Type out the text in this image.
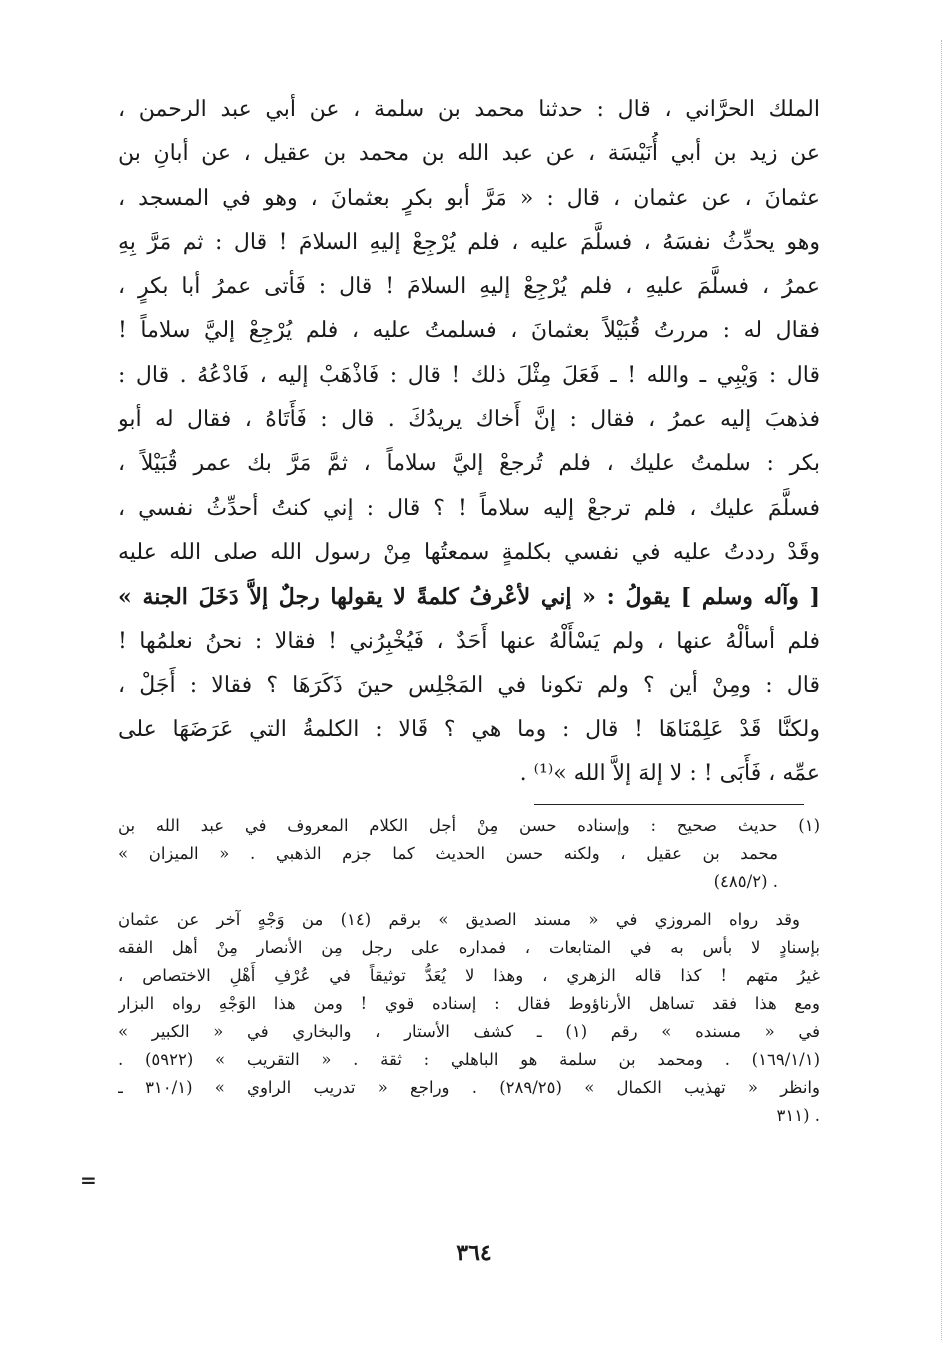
الملك الحرَّاني ، قال : حدثنا محمد بن سلمة ، عن أبي عبد الرحمن ،
عن زيد بن أبي أُنَيْسَة ، عن عبد الله بن محمد بن عقيل ، عن أبانِ بن
عثمانَ ، عن عثمان ، قال : « مَرَّ أبو بكرٍ بعثمانَ ، وهو في المسجد ،
وهو يحدِّثُ نفسَهُ ، فسلَّمَ عليه ، فلم يُرْجِعْ إليهِ السلامَ ! قال : ثم مَرَّ بِهِ
عمرُ ، فسلَّمَ عليهِ ، فلم يُرْجِعْ إليهِ السلامَ ! قال : فَأتى عمرُ أبا بكرٍ ،
فقال له : مررتُ قُبَيْلاً بعثمانَ ، فسلمتُ عليه ، فلم يُرْجِعْ إليَّ سلاماً !
قال : وَيْبِي ـ والله ! ـ فَعَلَ مِثْلَ ذلك ! قال : فَاذْهَبْ إليه ، فَادْعُهُ . قال :
فذهبَ إليه عمرُ ، فقال : إنَّ أَخاك يريدُكَ . قال : فَأَتَاهُ ، فقال له أبو
بكر : سلمتُ عليك ، فلم تُرجعْ إليَّ سلاماً ، ثمَّ مَرَّ بك عمر قُبَيْلاً ،
فسلَّمَ عليك ، فلم ترجعْ إليه سلاماً ! ؟ قال : إني كنتُ أحدِّثُ نفسي ،
وقَدْ رددتُ عليه في نفسي بكلمةٍ سمعتُها مِنْ رسول الله صلى الله عليه
[ وآله وسلم ] يقولُ : « إني لأعْرفُ كلمةً لا يقولها رجلٌ إلاَّ دَخَلَ الجنة »
فلم أسألْهُ عنها ، ولم يَسْأَلْهُ عنها أَحَدٌ ، فَيُخْبِرُني ! فقالا : نحنُ نعلمُها !
قال : ومِنْ أين ؟ ولم تكونا في المَجْلِس حينَ ذَكَرَهَا ؟ فقالا : أَجَلْ ،
ولكنَّا قَدْ عَلِمْنَاهَا ! قال : وما هي ؟ قَالا : الكلمةُ التي عَرَضَهَا على
عمِّه ، فَأَبَى ! : لا إلهَ إلاَّ الله »⁽¹⁾ .
(١) حديث صحيح : وإسناده حسن مِنْ أجل الكلام المعروف في عبد الله بن
محمد بن عقيل ، ولكنه حسن الحديث كما جزم الذهبي . « الميزان »
. (٤٨٥/٢)
وقد رواه المروزي في « مسند الصديق » برقم (١٤) من وَجْهٍ آخر عن عثمان
بإسنادٍ لا بأس به في المتابعات ، فمداره على رجل مِن الأنصار مِنْ أهل الفقه
غيرُ متهم ! كذا قاله الزهري ، وهذا لا يُعَدُّ توثيقاً في عُرْفِ أَهْلِ الاختصاص ،
ومع هذا فقد تساهل الأرناؤوط فقال : إسناده قوي ! ومن هذا الوَجْهِ رواه البزار
في « مسنده » رقم (١) ـ كشف الأستار ، والبخاري في « الكبير »
(١٦٩/١/١) . ومحمد بن سلمة هو الباهلي : ثقة . « التقريب » (٥٩٢٢) .
وانظر « تهذيب الكمال » (٢٨٩/٢٥) . وراجع « تدريب الراوي » (٣١٠/١ ـ
. (٣١١
=
٣٦٤
